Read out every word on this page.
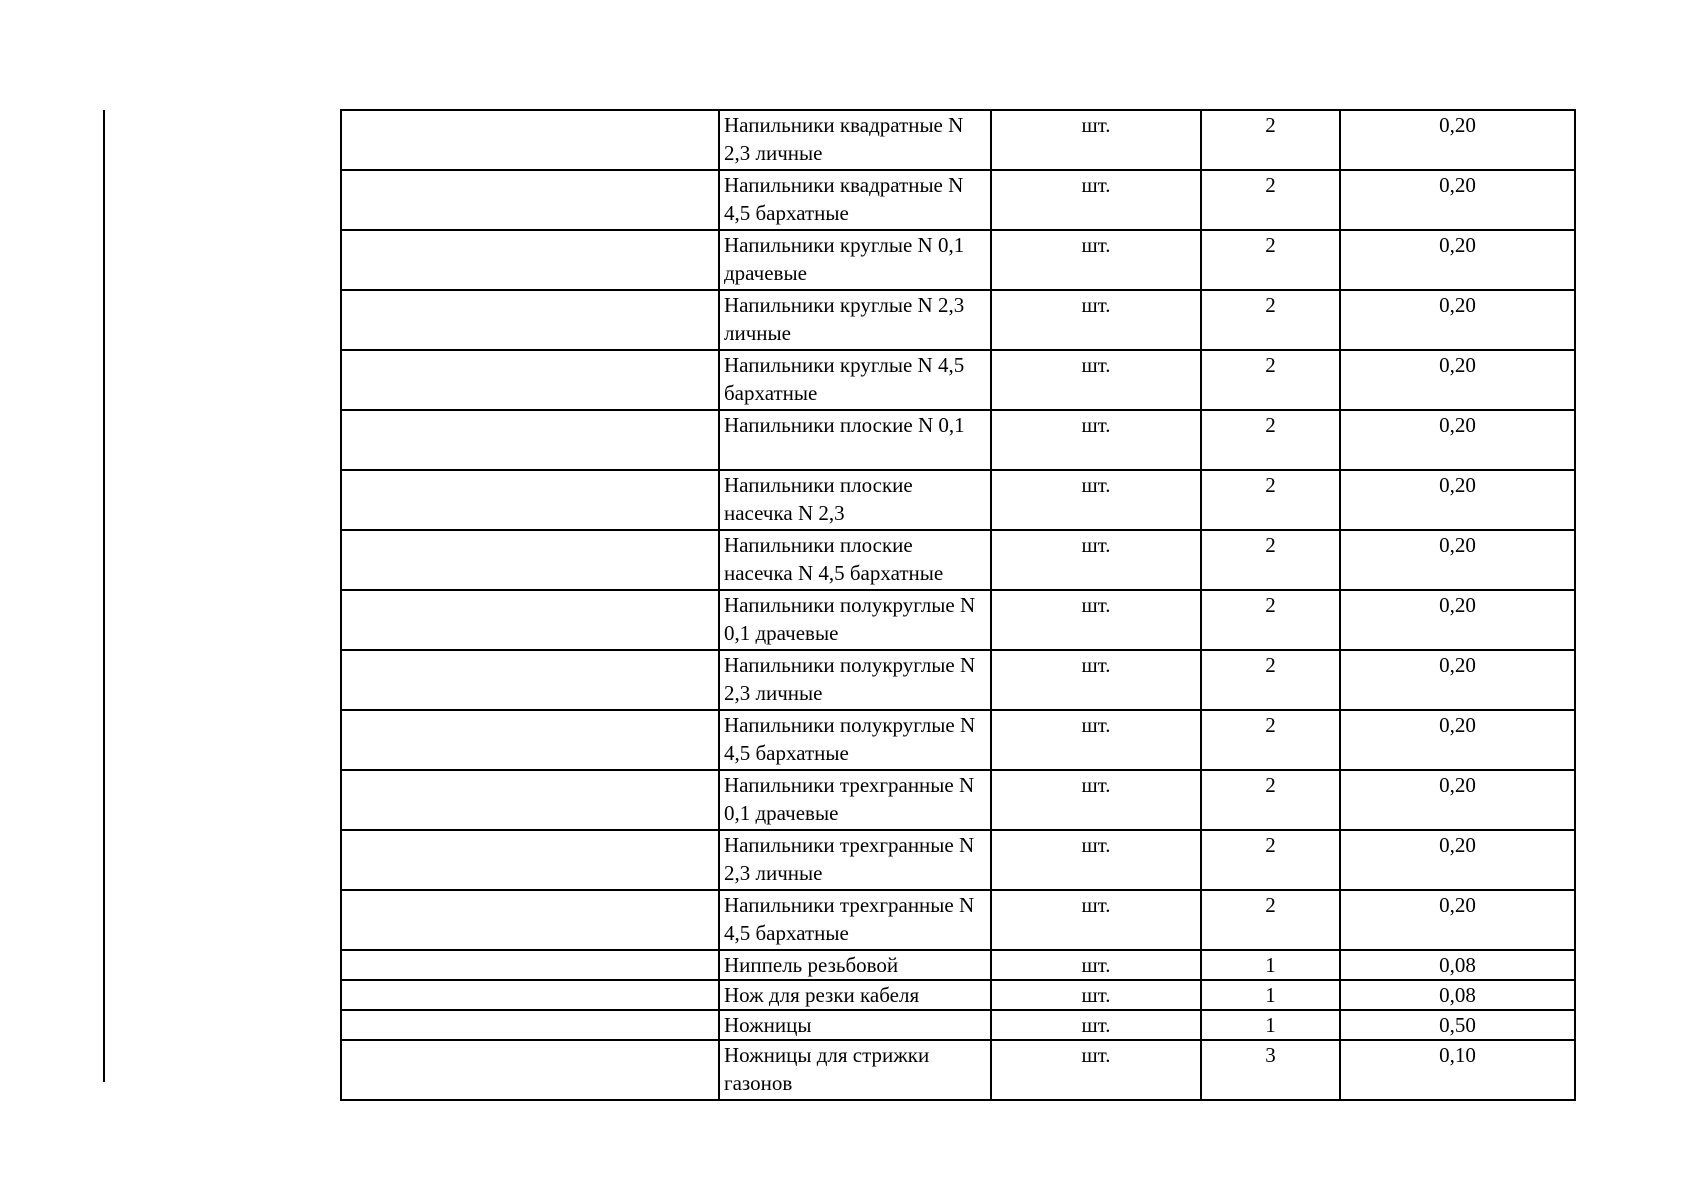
	Напильники квадратные N 2,3 личные	шт.	2	0,20
	Напильники квадратные N 4,5 бархатные	шт.	2	0,20
	Напильники круглые N 0,1 драчевые	шт.	2	0,20
	Напильники круглые N 2,3 личные	шт.	2	0,20
	Напильники круглые N 4,5 бархатные	шт.	2	0,20
	Напильники плоские N 0,1	шт.	2	0,20
	Напильники плоские насечка N 2,3	шт.	2	0,20
	Напильники плоские насечка N 4,5 бархатные	шт.	2	0,20
	Напильники полукруглые N 0,1 драчевые	шт.	2	0,20
	Напильники полукруглые N 2,3 личные	шт.	2	0,20
	Напильники полукруглые N 4,5 бархатные	шт.	2	0,20
	Напильники трехгранные N 0,1 драчевые	шт.	2	0,20
	Напильники трехгранные N 2,3 личные	шт.	2	0,20
	Напильники трехгранные N 4,5 бархатные	шт.	2	0,20
	Ниппель резьбовой	шт.	1	0,08
	Нож для резки кабеля	шт.	1	0,08
	Ножницы	шт.	1	0,50
	Ножницы для стрижки газонов	шт.	3	0,10
